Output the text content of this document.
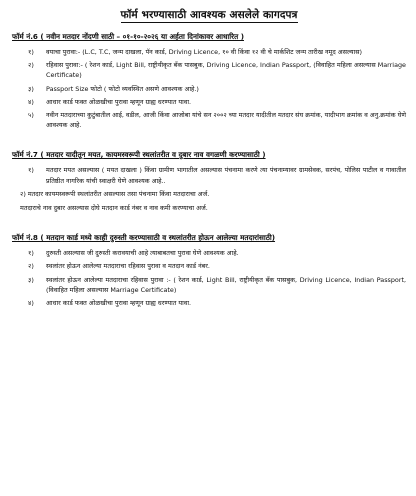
फॉर्म भरण्यासाठी आवश्यक असलेले कागदपत्र
फॉर्म नं.6 ( नवीन मतदार नोंदणी साठी – ०१-१०-२०२६ या अर्हता दिनांकावर आधारित )
१)	वयाचा पुरावा:- (L.C, T.C, जन्म दाखला, पॅन कार्ड, Driving Licence, १० वी किंवा १२ वी चे मार्कशिट जन्म तारीख नमूद असल्यास)
२)	रहिवास पुरावा:- ( रेशन कार्ड, Light Bill, राष्ट्रीयीकृत बँक पासबुक, Driving Licence, Indian Passport, (विवाहित महिला असल्यास Marriage Certificate)
३)	Passport Size फोटो ( फोटो व्यवस्थित असणे आवश्यक आहे.)
४)	आधार कार्ड फक्त ओळखीचा पुरावा म्हणून ग्राह्य धरण्यात यावा.
५)	नवीन मतदाराच्या कुटुंबातील आई, वडील, आजी किंवा आजोबा यांचे सन २००२ च्या मतदार यादीतील मतदार संघ क्रमांक, यादीभाग क्रमांक व अनु.क्रमांक घेणे आवश्यक आहे.
फॉर्म नं.7 ( मतदार यादीतून मयत, कायमस्वरूपी स्थलांतरीत व दुबार नाव वगळणी करण्यासाठी )
१)	मतदार मयत असल्यास ( मयत दाखला ) किंवा ग्रामीण भागातील असल्यास पंचनामा करणे त्या पंचनाम्यावर ग्रामसेवक, सरपंच, पोलिस पाटील व गावातील प्रतिष्ठीत नागरिक यांची स्वाक्षरी घेणे आवश्यक आहे..
२) मतदार कायमस्वरूपी स्थलांतरीत असल्यास तसा पंचनामा किंवा मतदाराचा अर्ज.
मतदाराचे नाव दुबार असल्यास दोघे मतदान कार्ड नंबर व नाव कमी करण्याचा अर्ज.
फॉर्म नं.8 ( मतदान कार्ड मध्ये काही दुरुस्ती करण्यासाठी व स्थलांतरीत होऊन आलेल्या मतदारांसाठी)
१)	दुरुस्ती असल्यास जी दुरुस्ती करावयाची आहे त्याबाबतचा पुरावा घेणे आवश्यक आहे.
२)	स्थलांतर होऊन आलेल्या मतदाराचा रहिवास पुरावा व मतदान कार्ड नंबर.
३)	स्थलांतर होऊन आलेल्या मतदाराचा रहिवास पुरावा :- ( रेशन कार्ड, Light Bill, राष्ट्रीयीकृत बँक पासबुक, Driving Licence, Indian Passport, (विवाहित महिला असल्यास Marriage Certificate)
४)	आधार कार्ड फक्त ओळखीचा पुरावा म्हणून ग्राह्य धरण्यात यावा.
